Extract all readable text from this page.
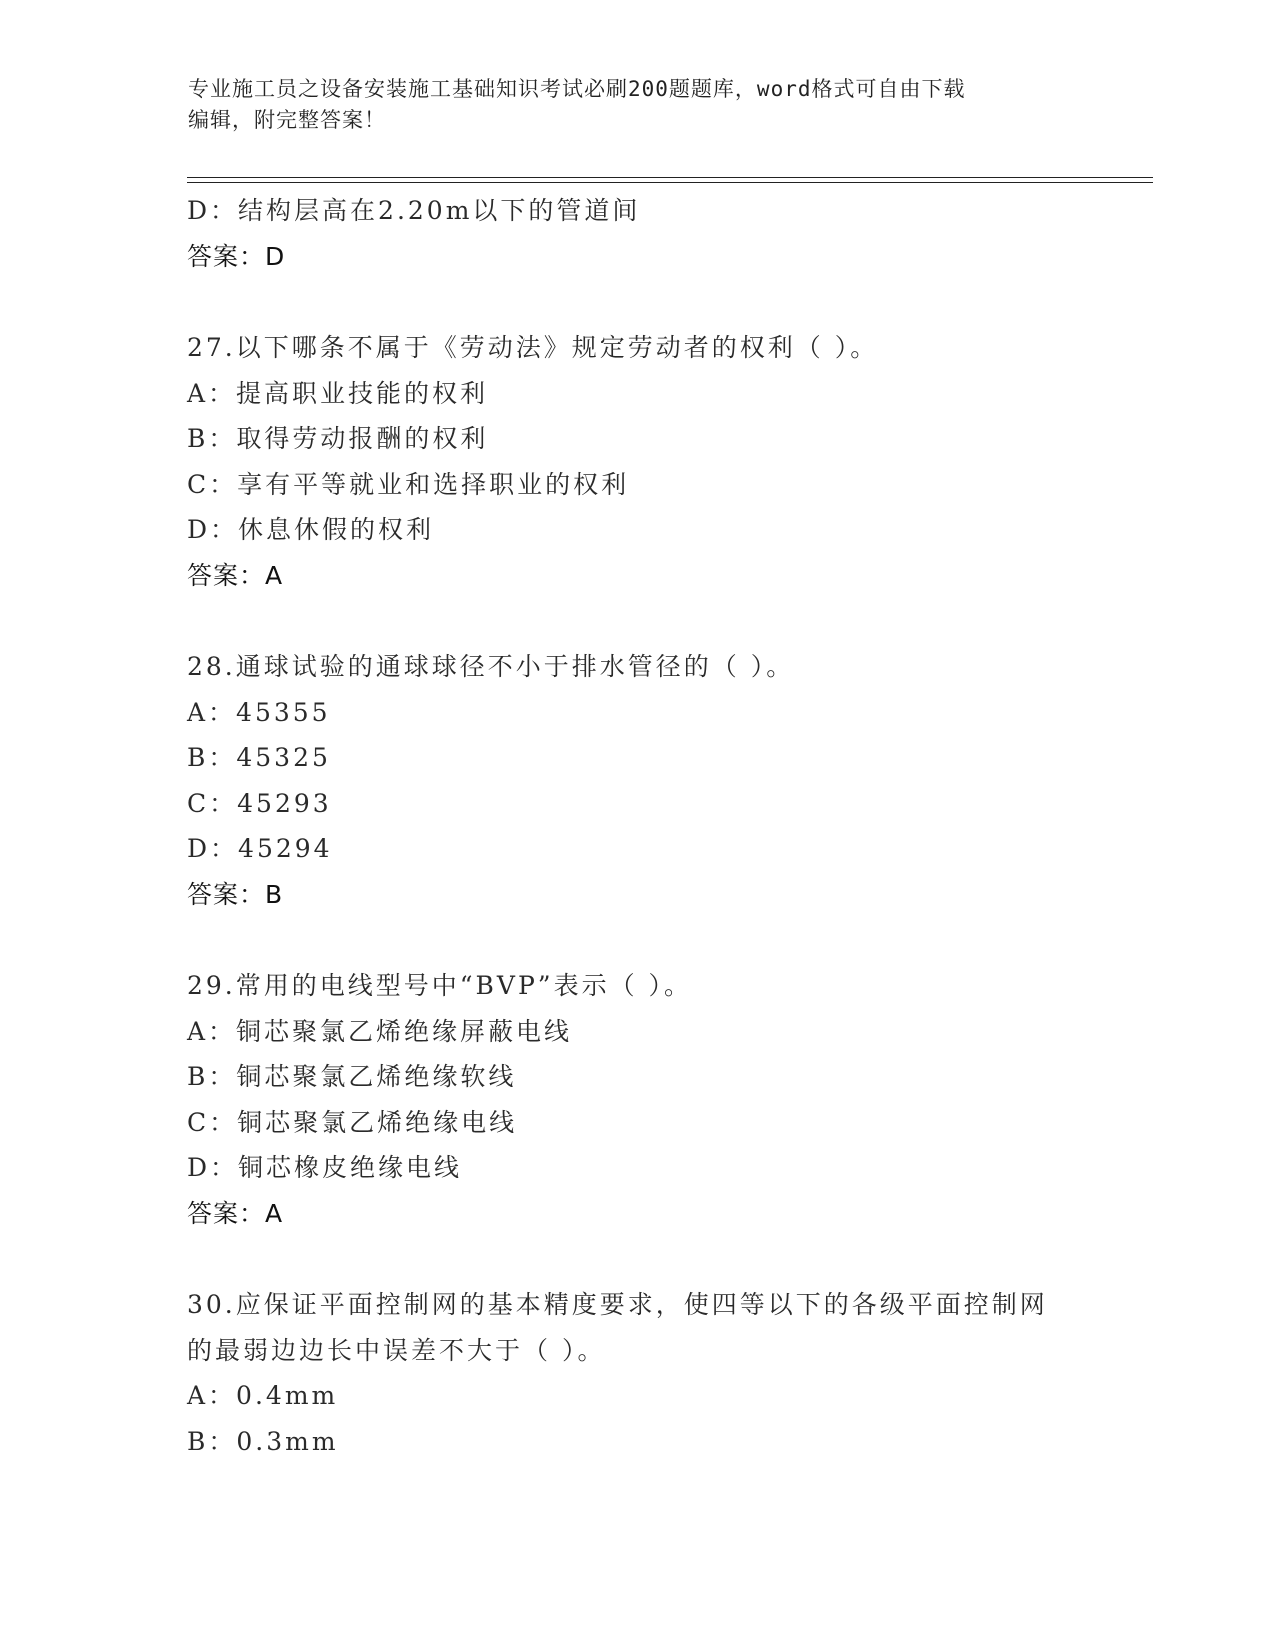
专业施工员之设备安装施工基础知识考试必刷200题题库，word格式可自由下载
编辑，附完整答案！
D：结构层高在2.20m以下的管道间
答案：D
27.以下哪条不属于《劳动法》规定劳动者的权利（ ）。
A：提高职业技能的权利
B：取得劳动报酬的权利
C：享有平等就业和选择职业的权利
D：休息休假的权利
答案：A
28.通球试验的通球球径不小于排水管径的（ ）。
A：45355
B：45325
C：45293
D：45294
答案：B
29.常用的电线型号中“BVP”表示（ ）。
A：铜芯聚氯乙烯绝缘屏蔽电线
B：铜芯聚氯乙烯绝缘软线
C：铜芯聚氯乙烯绝缘电线
D：铜芯橡皮绝缘电线
答案：A
30.应保证平面控制网的基本精度要求，使四等以下的各级平面控制网
的最弱边边长中误差不大于（ ）。
A：0.4mm
B：0.3mm
